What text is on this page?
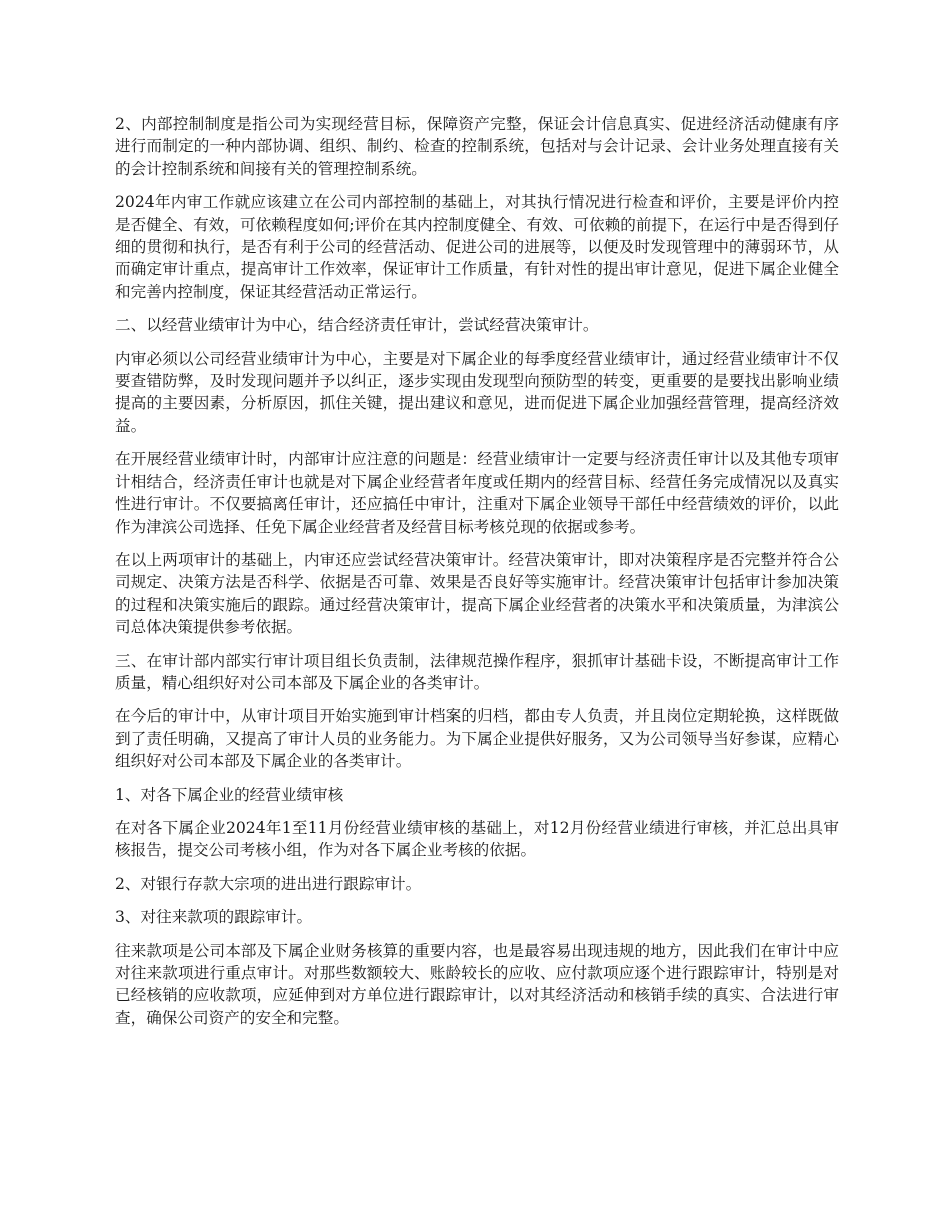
2、内部控制制度是指公司为实现经营目标，保障资产完整，保证会计信息真实、促进经济活动健康有序进行而制定的一种内部协调、组织、制约、检查的控制系统，包括对与会计记录、会计业务处理直接有关的会计控制系统和间接有关的管理控制系统。

2024年内审工作就应该建立在公司内部控制的基础上，对其执行情况进行检查和评价，主要是评价内控是否健全、有效，可依赖程度如何;评价在其内控制度健全、有效、可依赖的前提下，在运行中是否得到仔细的贯彻和执行，是否有利于公司的经营活动、促进公司的进展等，以便及时发现管理中的薄弱环节，从而确定审计重点，提高审计工作效率，保证审计工作质量，有针对性的提出审计意见，促进下属企业健全和完善内控制度，保证其经营活动正常运行。

二、以经营业绩审计为中心，结合经济责任审计，尝试经营决策审计。

内审必须以公司经营业绩审计为中心，主要是对下属企业的每季度经营业绩审计，通过经营业绩审计不仅要查错防弊，及时发现问题并予以纠正，逐步实现由发现型向预防型的转变，更重要的是要找出影响业绩提高的主要因素，分析原因，抓住关键，提出建议和意见，进而促进下属企业加强经营管理，提高经济效益。

在开展经营业绩审计时，内部审计应注意的问题是：经营业绩审计一定要与经济责任审计以及其他专项审计相结合，经济责任审计也就是对下属企业经营者年度或任期内的经营目标、经营任务完成情况以及真实性进行审计。不仅要搞离任审计，还应搞任中审计，注重对下属企业领导干部任中经营绩效的评价，以此作为津滨公司选择、任免下属企业经营者及经营目标考核兑现的依据或参考。

在以上两项审计的基础上，内审还应尝试经营决策审计。经营决策审计，即对决策程序是否完整并符合公司规定、决策方法是否科学、依据是否可靠、效果是否良好等实施审计。经营决策审计包括审计参加决策的过程和决策实施后的跟踪。通过经营决策审计，提高下属企业经营者的决策水平和决策质量，为津滨公司总体决策提供参考依据。

三、在审计部内部实行审计项目组长负责制，法律规范操作程序，狠抓审计基础卡设，不断提高审计工作质量，精心组织好对公司本部及下属企业的各类审计。

在今后的审计中，从审计项目开始实施到审计档案的归档，都由专人负责，并且岗位定期轮换，这样既做到了责任明确，又提高了审计人员的业务能力。为下属企业提供好服务，又为公司领导当好参谋，应精心组织好对公司本部及下属企业的各类审计。

1、对各下属企业的经营业绩审核

在对各下属企业2024年1至11月份经营业绩审核的基础上，对12月份经营业绩进行审核，并汇总出具审核报告，提交公司考核小组，作为对各下属企业考核的依据。

2、对银行存款大宗项的进出进行跟踪审计。

3、对往来款项的跟踪审计。

往来款项是公司本部及下属企业财务核算的重要内容，也是最容易出现违规的地方，因此我们在审计中应对往来款项进行重点审计。对那些数额较大、账龄较长的应收、应付款项应逐个进行跟踪审计，特别是对已经核销的应收款项，应延伸到对方单位进行跟踪审计，以对其经济活动和核销手续的真实、合法进行审查，确保公司资产的安全和完整。
